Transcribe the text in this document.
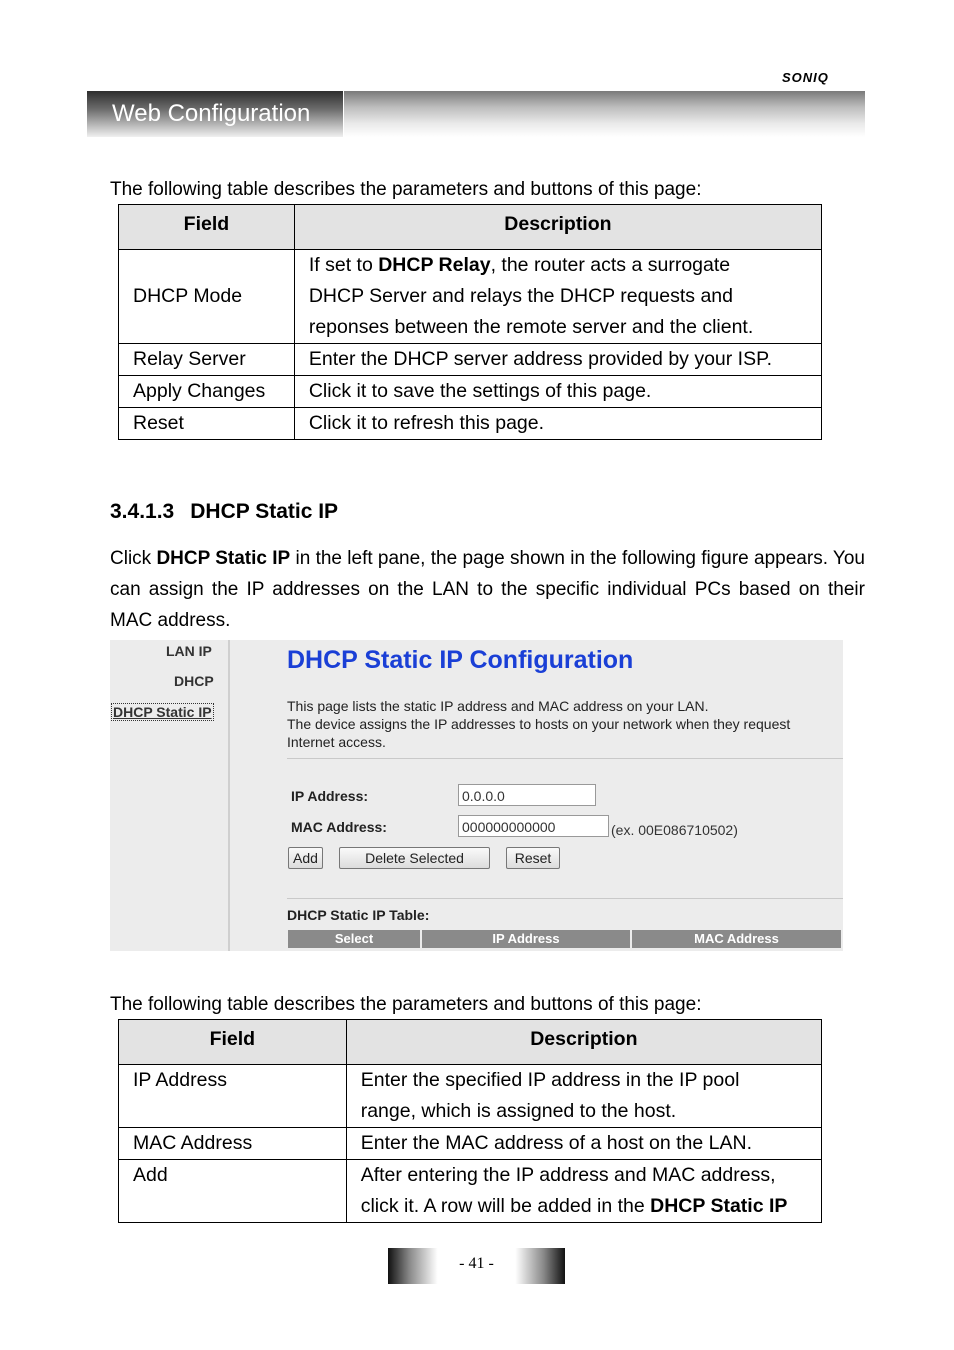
SONIQ
Web Configuration
The following table describes the parameters and buttons of this page:
Field	Description
DHCP Mode	If set to DHCP Relay, the router acts a surrogate
DHCP Server and relays the DHCP requests and
reponses between the remote server and the client.
Relay Server	Enter the DHCP server address provided by your ISP.
Apply Changes	Click it to save the settings of this page.
Reset	Click it to refresh this page.
3.4.1.3 DHCP Static IP
Click DHCP Static IP in the left pane, the page shown in the following figure appears. You can assign the IP addresses on the LAN to the specific individual PCs based on their MAC address.
LAN IP
DHCP
DHCP Static IP
DHCP Static IP Configuration
This page lists the static IP address and MAC address on your LAN.
The device assigns the IP addresses to hosts on your network when they request
Internet access.
IP Address:	0.0.0.0
MAC Address:	000000000000	(ex. 00E086710502)
Add	Delete Selected	Reset
DHCP Static IP Table:
Select	IP Address	MAC Address
The following table describes the parameters and buttons of this page:
Field	Description
IP Address	Enter the specified IP address in the IP pool
range, which is assigned to the host.
MAC Address	Enter the MAC address of a host on the LAN.
Add	After entering the IP address and MAC address,
click it. A row will be added in the DHCP Static IP
- 41 -
